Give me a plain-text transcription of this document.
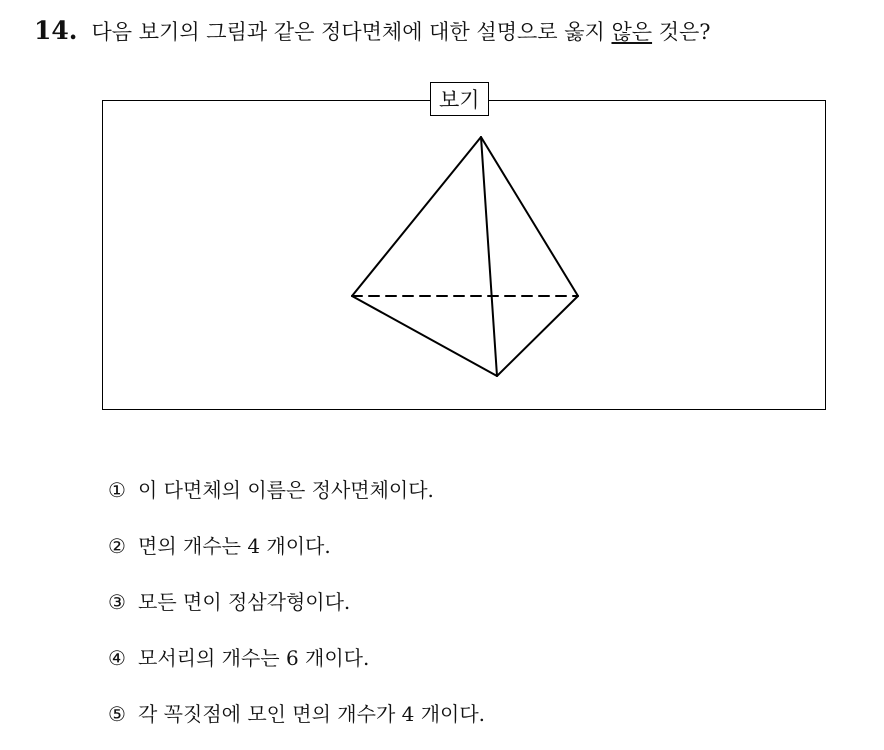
14. 다음 보기의 그림과 같은 정다면체에 대한 설명으로 옳지 않은 것은?
보기
① 이 다면체의 이름은 정사면체이다.
② 면의 개수는 4 개이다.
③ 모든 면이 정삼각형이다.
④ 모서리의 개수는 6 개이다.
⑤ 각 꼭짓점에 모인 면의 개수가 4 개이다.
